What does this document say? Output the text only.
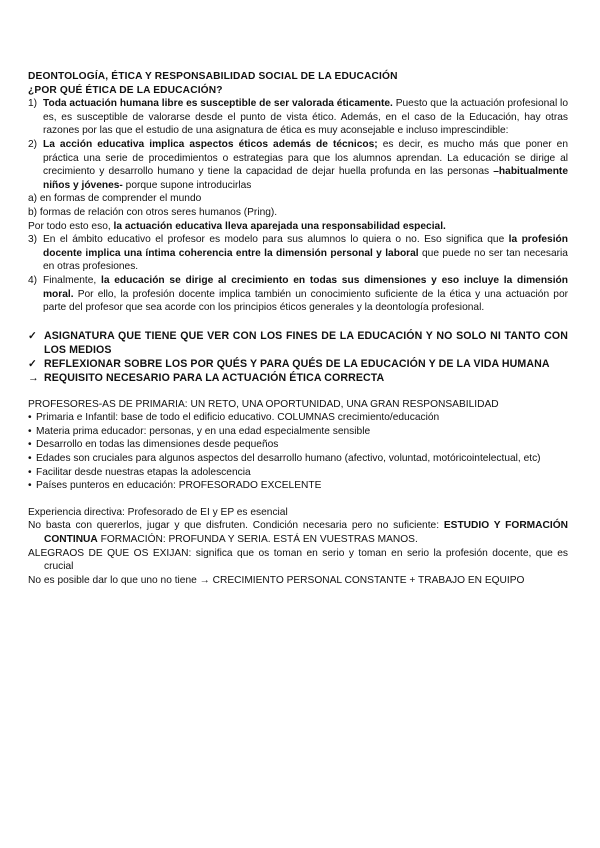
DEONTOLOGÍA, ÉTICA Y RESPONSABILIDAD SOCIAL DE LA EDUCACIÓN

¿POR QUÉ ÉTICA DE LA EDUCACIÓN?

1) Toda actuación humana libre es susceptible de ser valorada éticamente. Puesto que la actuación profesional lo es, es susceptible de valorarse desde el punto de vista ético. Además, en el caso de la Educación, hay otras razones por las que el estudio de una asignatura de ética es muy aconsejable e incluso imprescindible:
2) La acción educativa implica aspectos éticos además de técnicos; es decir, es mucho más que poner en práctica una serie de procedimientos o estrategias para que los alumnos aprendan. La educación se dirige al crecimiento y desarrollo humano y tiene la capacidad de dejar huella profunda en las personas –habitualmente niños y jóvenes- porque supone introducirlas

a) en formas de comprender el mundo

b) formas de relación con otros seres humanos (Pring).

Por todo esto eso, la actuación educativa lleva aparejada una responsabilidad especial.

3) En el ámbito educativo el profesor es modelo para sus alumnos lo quiera o no. Eso significa que la profesión docente implica una íntima coherencia entre la dimensión personal y laboral que puede no ser tan necesaria en otras profesiones.
4) Finalmente, la educación se dirige al crecimiento en todas sus dimensiones y eso incluye la dimensión moral. Por ello, la profesión docente implica también un conocimiento suficiente de la ética y una actuación por parte del profesor que sea acorde con los principios éticos generales y la deontología profesional.
✓ ASIGNATURA QUE TIENE QUE VER CON LOS FINES DE LA EDUCACIÓN Y NO SOLO NI TANTO CON LOS MEDIOS
✓ REFLEXIONAR SOBRE LOS POR QUÉS Y PARA QUÉS DE LA EDUCACIÓN Y DE LA VIDA HUMANA
→ REQUISITO NECESARIO PARA LA ACTUACIÓN ÉTICA CORRECTA

PROFESORES-AS DE PRIMARIA: UN RETO, UNA OPORTUNIDAD, UNA GRAN RESPONSABILIDAD

• Primaria e Infantil: base de todo el edificio educativo. COLUMNAS crecimiento/educación
• Materia prima educador: personas, y en una edad especialmente sensible
• Desarrollo en todas las dimensiones desde pequeños
• Edades son cruciales para algunos aspectos del desarrollo humano (afectivo, voluntad, motóricointelectual, etc)
• Facilitar desde nuestras etapas la adolescencia
• Países punteros en educación: PROFESORADO EXCELENTE

Experiencia directiva: Profesorado de EI y EP es esencial

No basta con quererlos, jugar y que disfruten. Condición necesaria pero no suficiente: ESTUDIO Y FORMACIÓN CONTINUA FORMACIÓN: PROFUNDA Y SERIA. ESTÁ EN VUESTRAS MANOS.

ALEGRAOS DE QUE OS EXIJAN: significa que os toman en serio y toman en serio la profesión docente, que es crucial

No es posible dar lo que uno no tiene → CRECIMIENTO PERSONAL CONSTANTE + TRABAJO EN EQUIPO
